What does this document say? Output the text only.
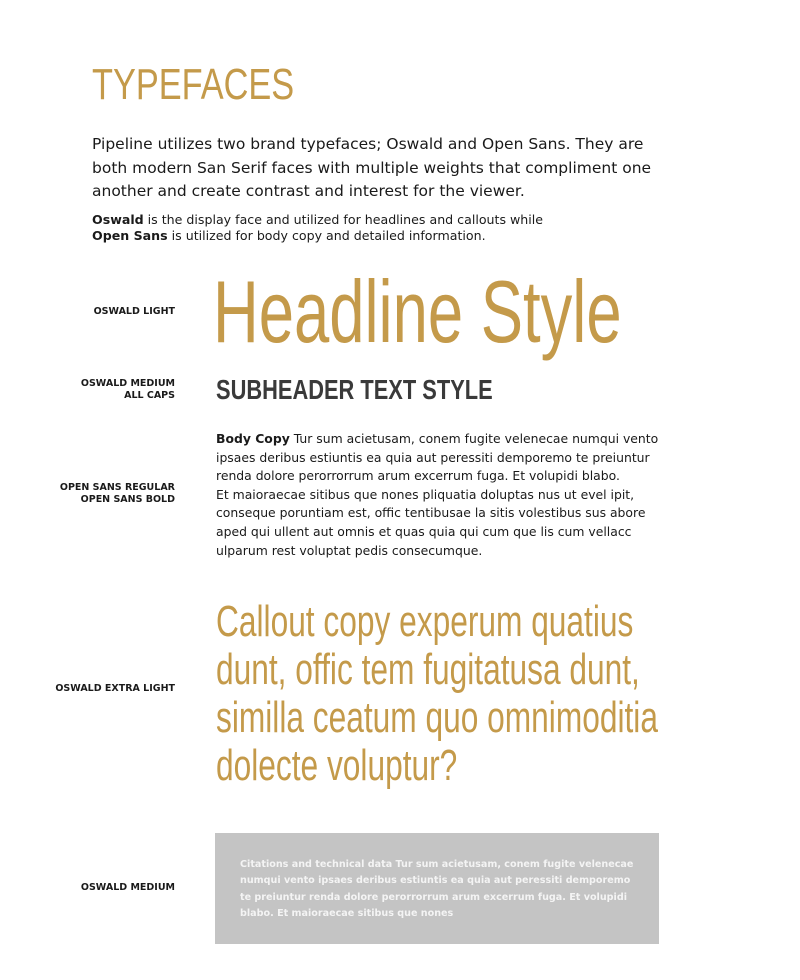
TYPEFACES

Pipeline utilizes two brand typefaces; Oswald and Open Sans. They are both modern San Serif faces with multiple weights that compliment one another and create contrast and interest for the viewer.

Oswald is the display face and utilized for headlines and callouts while
Open Sans is utilized for body copy and detailed information.

OSWALD LIGHT Headline Style
OSWALD MEDIUM
ALL CAPS SUBHEADER TEXT STYLE
OPEN SANS REGULAR
OPEN SANS BOLD
Body Copy Tur sum acietusam, conem fugite velenecae numqui vento
ipsaes deribus estiuntis ea quia aut peressiti demporemo te preiuntur
renda dolore perorrorrum arum excerrum fuga. Et volupidi blabo.
Et maioraecae sitibus que nones pliquatia doluptas nus ut evel ipit,
conseque poruntiam est, offic tentibusae la sitis volestibus sus abore
aped qui ullent aut omnis et quas quia qui cum que lis cum vellacc
ulparum rest voluptat pedis consecumque.
OSWALD EXTRA LIGHT
Callout copy experum quatius
dunt, offic tem fugitatusa dunt,
similla ceatum quo omnimoditia
dolecte voluptur?
OSWALD MEDIUM
Citations and technical data Tur sum acietusam, conem fugite velenecae
numqui vento ipsaes deribus estiuntis ea quia aut peressiti demporemo
te preiuntur renda dolore perorrorrum arum excerrum fuga. Et volupidi
blabo. Et maioraecae sitibus que nones
